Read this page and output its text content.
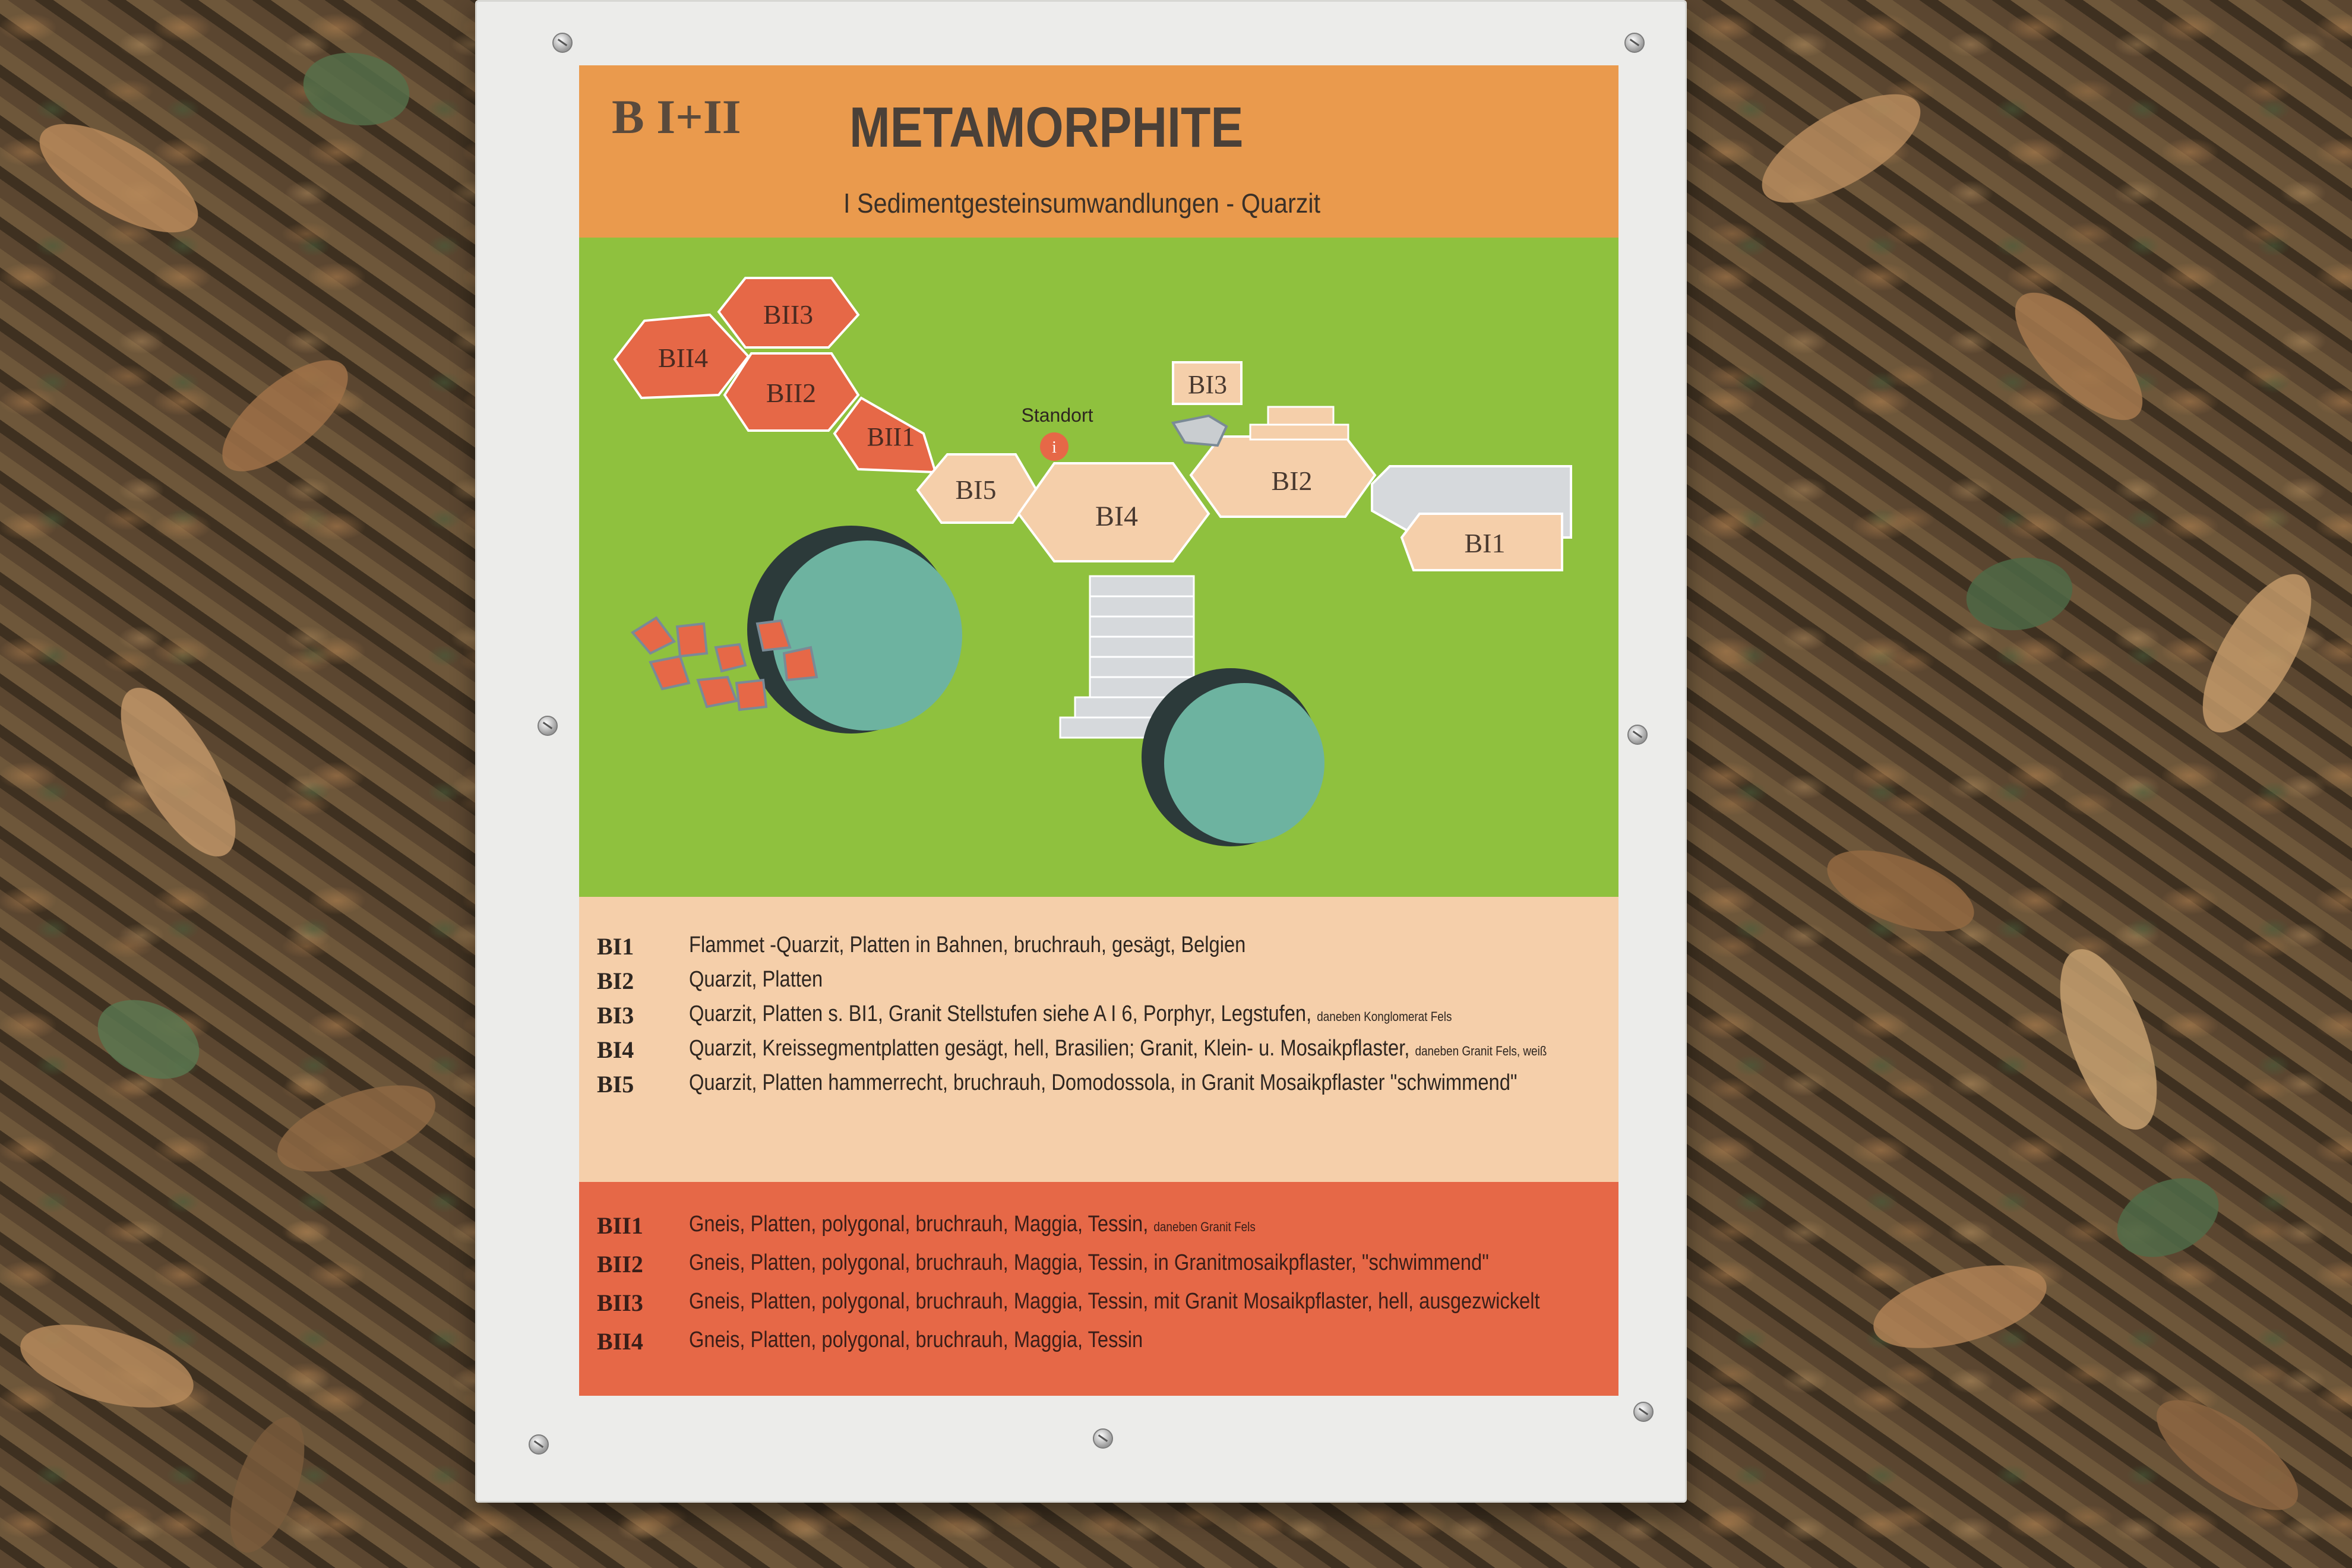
B I+II METAMORPHITE
I Sedimentgesteinsumwandlungen - Quarzit
i
Standort
BII4
BII3
BII2
BII1
BI5
BI4
BI2
BI1
BI3
BI1	Flammet -Quarzit, Platten in Bahnen, bruchrauh, gesägt, Belgien
BI2	Quarzit, Platten
BI3	Quarzit, Platten s. BI1, Granit Stellstufen siehe A I 6, Porphyr, Legstufen, daneben Konglomerat Fels
BI4	Quarzit, Kreissegmentplatten gesägt, hell, Brasilien; Granit, Klein- u. Mosaikpflaster, daneben Granit Fels, weiß
BI5	Quarzit, Platten hammerrecht, bruchrauh, Domodossola, in Granit Mosaikpflaster "schwimmend"
BII1	Gneis, Platten, polygonal, bruchrauh, Maggia, Tessin, daneben Granit Fels
BII2	Gneis, Platten, polygonal, bruchrauh, Maggia, Tessin, in Granitmosaikpflaster, "schwimmend"
BII3	Gneis, Platten, polygonal, bruchrauh, Maggia, Tessin, mit Granit Mosaikpflaster, hell, ausgezwickelt
BII4	Gneis, Platten, polygonal, bruchrauh, Maggia, Tessin
